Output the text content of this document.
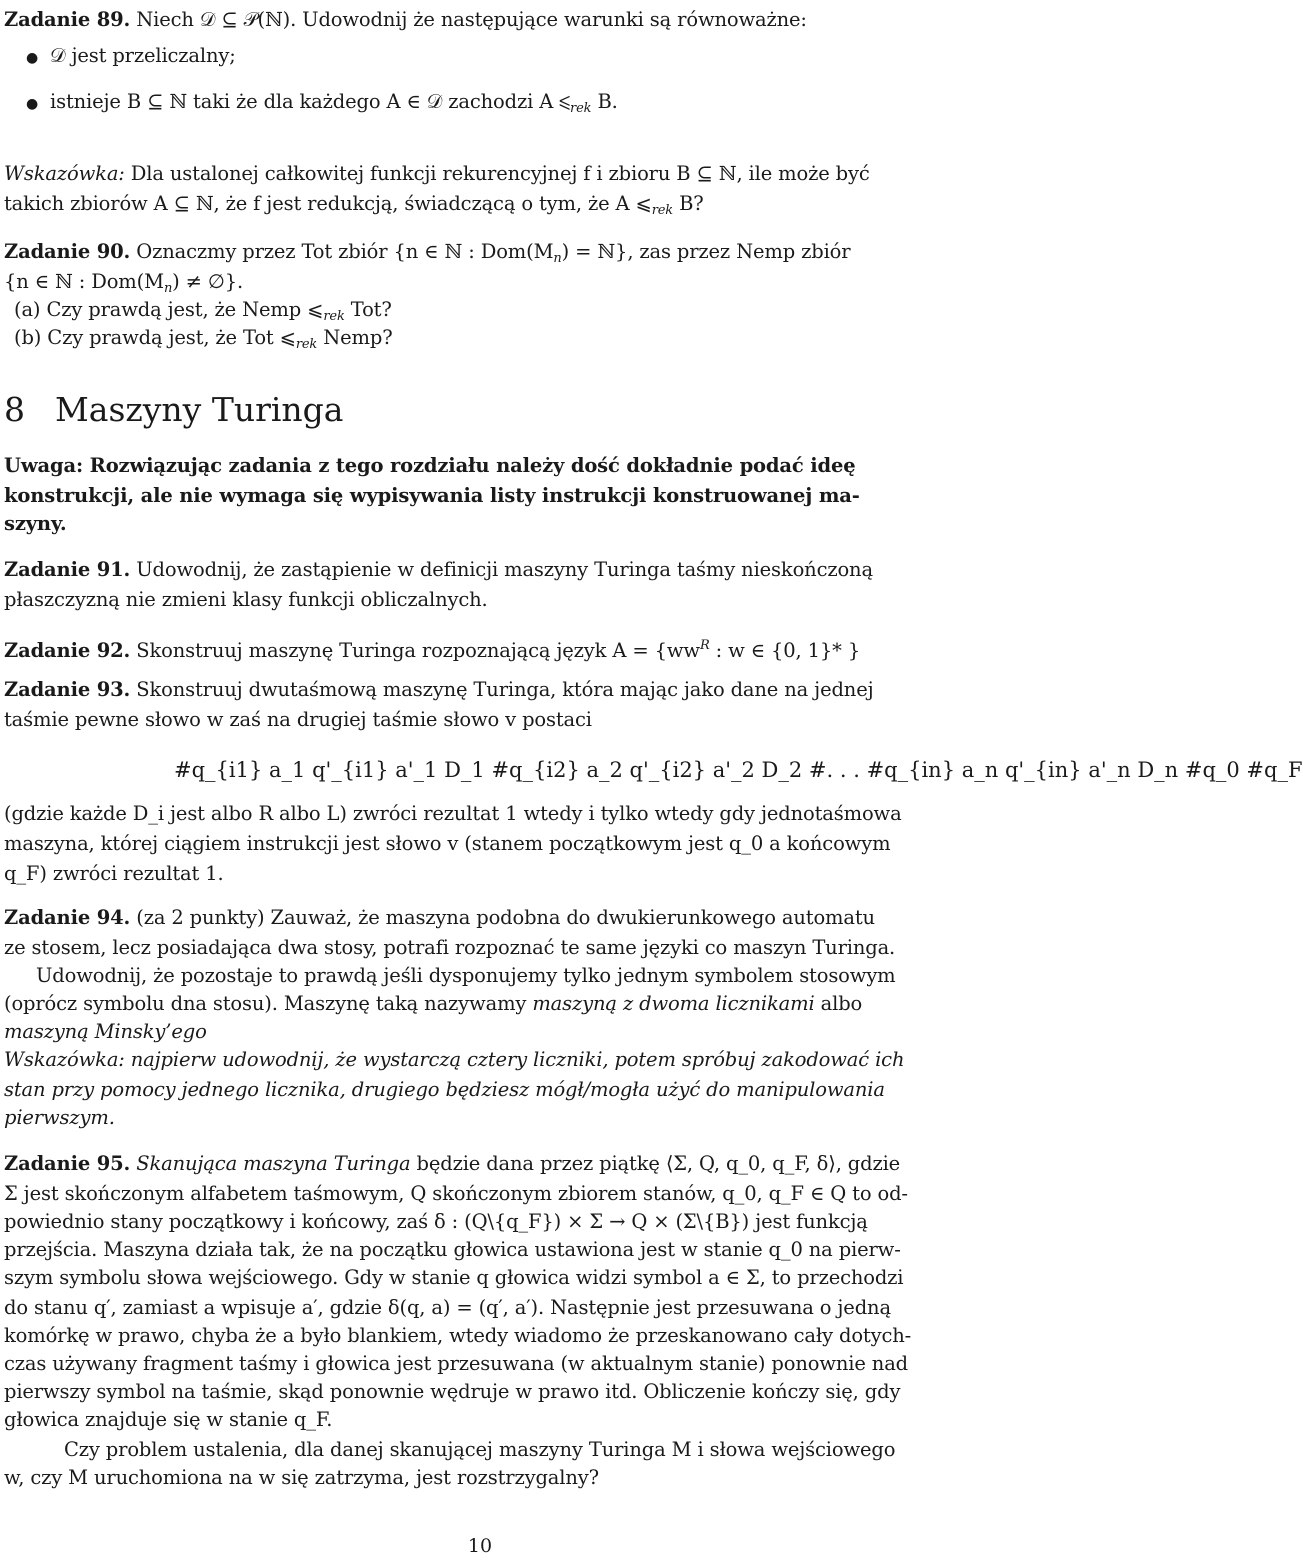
Zadanie 89. Niech 𝒟 ⊆ 𝒫(ℕ). Udowodnij że następujące warunki są równoważne:
● 𝒟 jest przeliczalny;
● istnieje B ⊆ ℕ taki że dla każdego A ∈ 𝒟 zachodzi A $⩽_{rek}$ B.
Wskazówka: Dla ustalonej całkowitej funkcji rekurencyjnej f i zbioru B ⊆ ℕ, ile może być
takich zbiorów A ⊆ ℕ, że f jest redukcją, świadczącą o tym, że A $⩽_{rek}$ B?
Zadanie 90. Oznaczmy przez Tot zbiór {n ∈ ℕ : $Dom(M_n)$ = ℕ}, zas przez Nemp zbiór
{n ∈ ℕ : $Dom(M_n)$ ≠ ∅}.
(a) Czy prawdą jest, że Nemp $⩽_{rek}$ Tot?
(b) Czy prawdą jest, że Tot $⩽_{rek}$ Nemp?
8 Maszyny Turinga
Uwaga: Rozwiązując zadania z tego rozdziału należy dość dokładnie podać ideę
konstrukcji, ale nie wymaga się wypisywania listy instrukcji konstruowanej ma-
szyny.
Zadanie 91. Udowodnij, że zastąpienie w definicji maszyny Turinga taśmy nieskończoną
płaszczyzną nie zmieni klasy funkcji obliczalnych.
Zadanie 92. Skonstruuj maszynę Turinga rozpoznającą język $A = \{ww^R$ : w ∈ {0, 1}* }
Zadanie 93. Skonstruuj dwutaśmową maszynę Turinga, która mając jako dane na jednej
taśmie pewne słowo w zaś na drugiej taśmie słowo v postaci
#q_{i1} a_1 q'_{i1} a'_1 D_1 #q_{i2} a_2 q'_{i2} a'_2 D_2 #. . . #q_{in} a_n q'_{in} a'_n D_n #q_0 #q_F
(gdzie każde D_i jest albo R albo L) zwróci rezultat 1 wtedy i tylko wtedy gdy jednotaśmowa
maszyna, której ciągiem instrukcji jest słowo v (stanem początkowym jest q_0 a końcowym
q_F) zwróci rezultat 1.
Zadanie 94. (za 2 punkty) Zauważ, że maszyna podobna do dwukierunkowego automatu
ze stosem, lecz posiadająca dwa stosy, potrafi rozpoznać te same języki co maszyn Turinga.
Udowodnij, że pozostaje to prawdą jeśli dysponujemy tylko jednym symbolem stosowym
(oprócz symbolu dna stosu). Maszynę taką nazywamy maszyną z dwoma licznikami albo
maszyną Minsky’ego
Wskazówka: najpierw udowodnij, że wystarczą cztery liczniki, potem spróbuj zakodować ich
stan przy pomocy jednego licznika, drugiego będziesz mógł/mogła użyć do manipulowania
pierwszym.
Zadanie 95. Skanująca maszyna Turinga będzie dana przez piątkę ⟨Σ, Q, q_0, q_F, δ⟩, gdzie
Σ jest skończonym alfabetem taśmowym, Q skończonym zbiorem stanów, q_0, q_F ∈ Q to od-
powiednio stany początkowy i końcowy, zaś δ : (Q\{q_F}) × Σ → Q × (Σ\{B}) jest funkcją
przejścia. Maszyna działa tak, że na początku głowica ustawiona jest w stanie q_0 na pierw-
szym symbolu słowa wejściowego. Gdy w stanie q głowica widzi symbol a ∈ Σ, to przechodzi
do stanu q′, zamiast a wpisuje a′, gdzie δ(q, a) = (q′, a′). Następnie jest przesuwana o jedną
komórkę w prawo, chyba że a było blankiem, wtedy wiadomo że przeskanowano cały dotych-
czas używany fragment taśmy i głowica jest przesuwana (w aktualnym stanie) ponownie nad
pierwszy symbol na taśmie, skąd ponownie wędruje w prawo itd. Obliczenie kończy się, gdy
głowica znajduje się w stanie q_F.
Czy problem ustalenia, dla danej skanującej maszyny Turinga M i słowa wejściowego
w, czy M uruchomiona na w się zatrzyma, jest rozstrzygalny?
10
